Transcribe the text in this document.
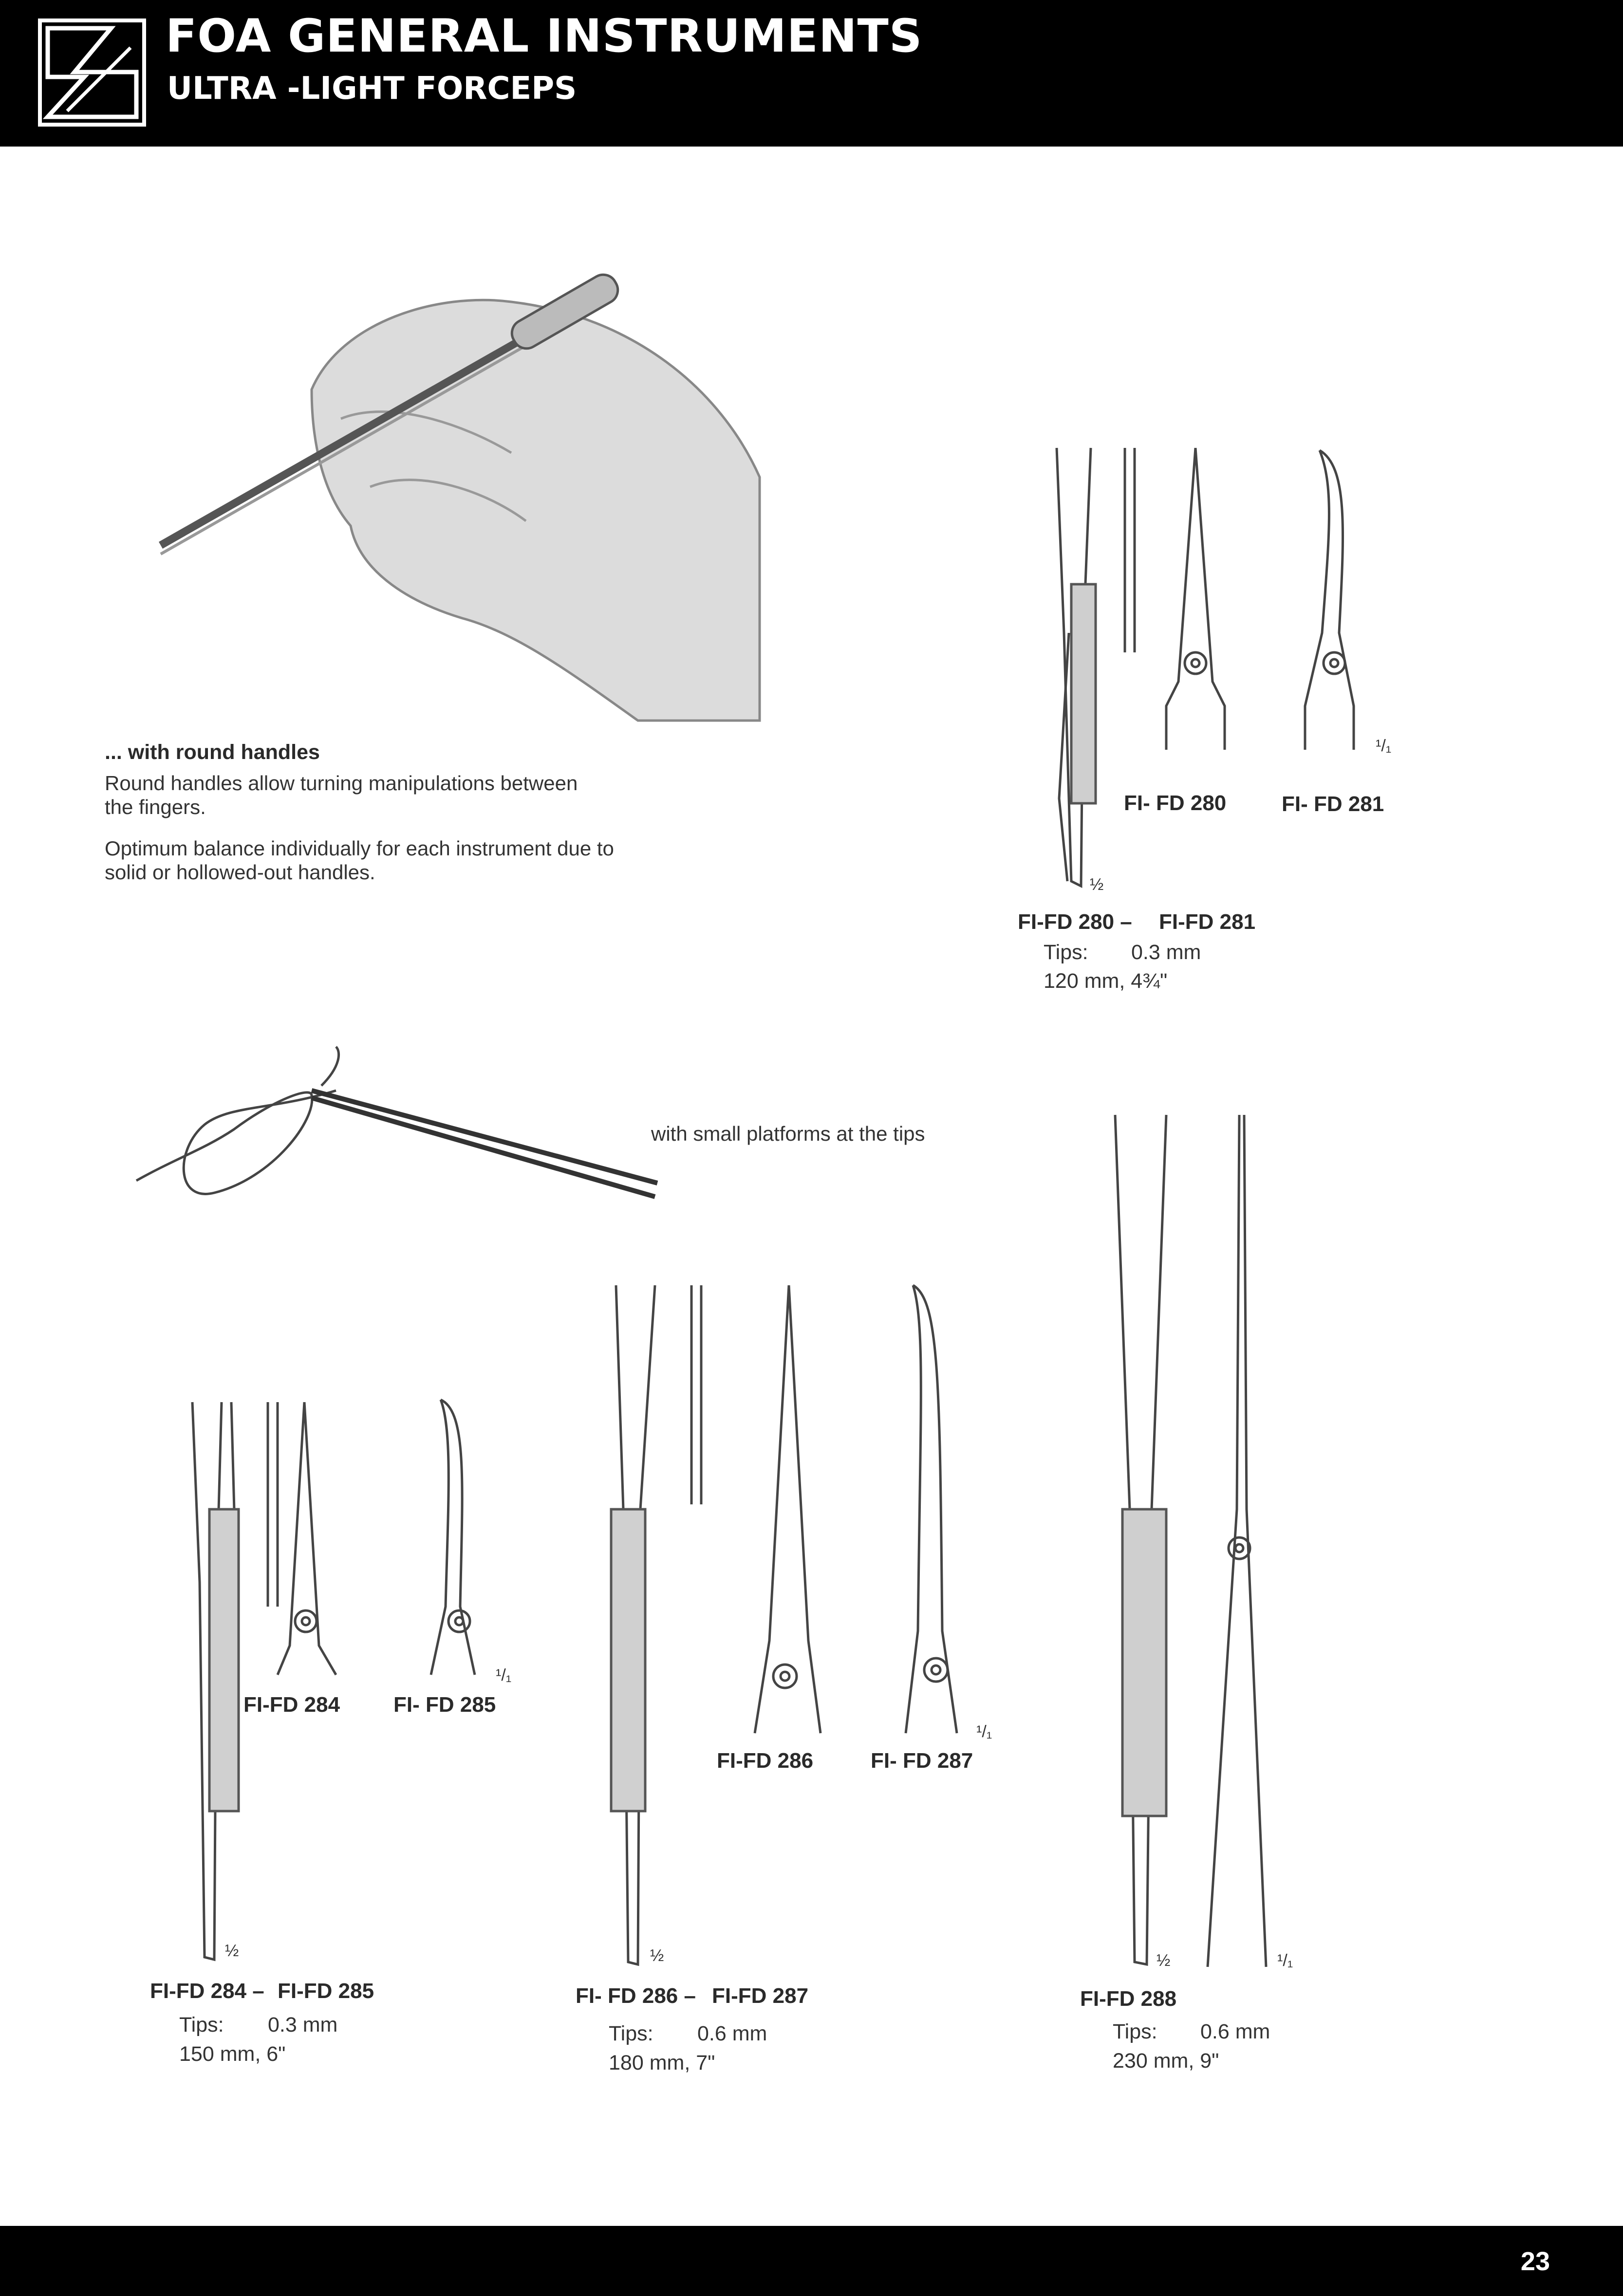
FOA GENERAL INSTRUMENTS
ULTRA -LIGHT FORCEPS
... with round handles
Round handles allow turning manipulations between the fingers.
Optimum balance individually for each instrument due to solid or hollowed-out handles.
with small platforms at the tips
FI- FD 280	FI- FD 281
½
¹/₁
FI-FD 280 – FI-FD 281
Tips: 0.3 mm
120 mm, 4¾"
FI-FD 284 FI- FD 285
½
¹/₁
FI-FD 284 – FI-FD 285
Tips: 0.3 mm
150 mm, 6"
FI-FD 286	FI- FD 287
½
¹/₁
FI- FD 286 – FI-FD 287
Tips: 0.6 mm
180 mm, 7"
½	¹/₁
FI-FD 288
Tips: 0.6 mm
230 mm, 9"
23
